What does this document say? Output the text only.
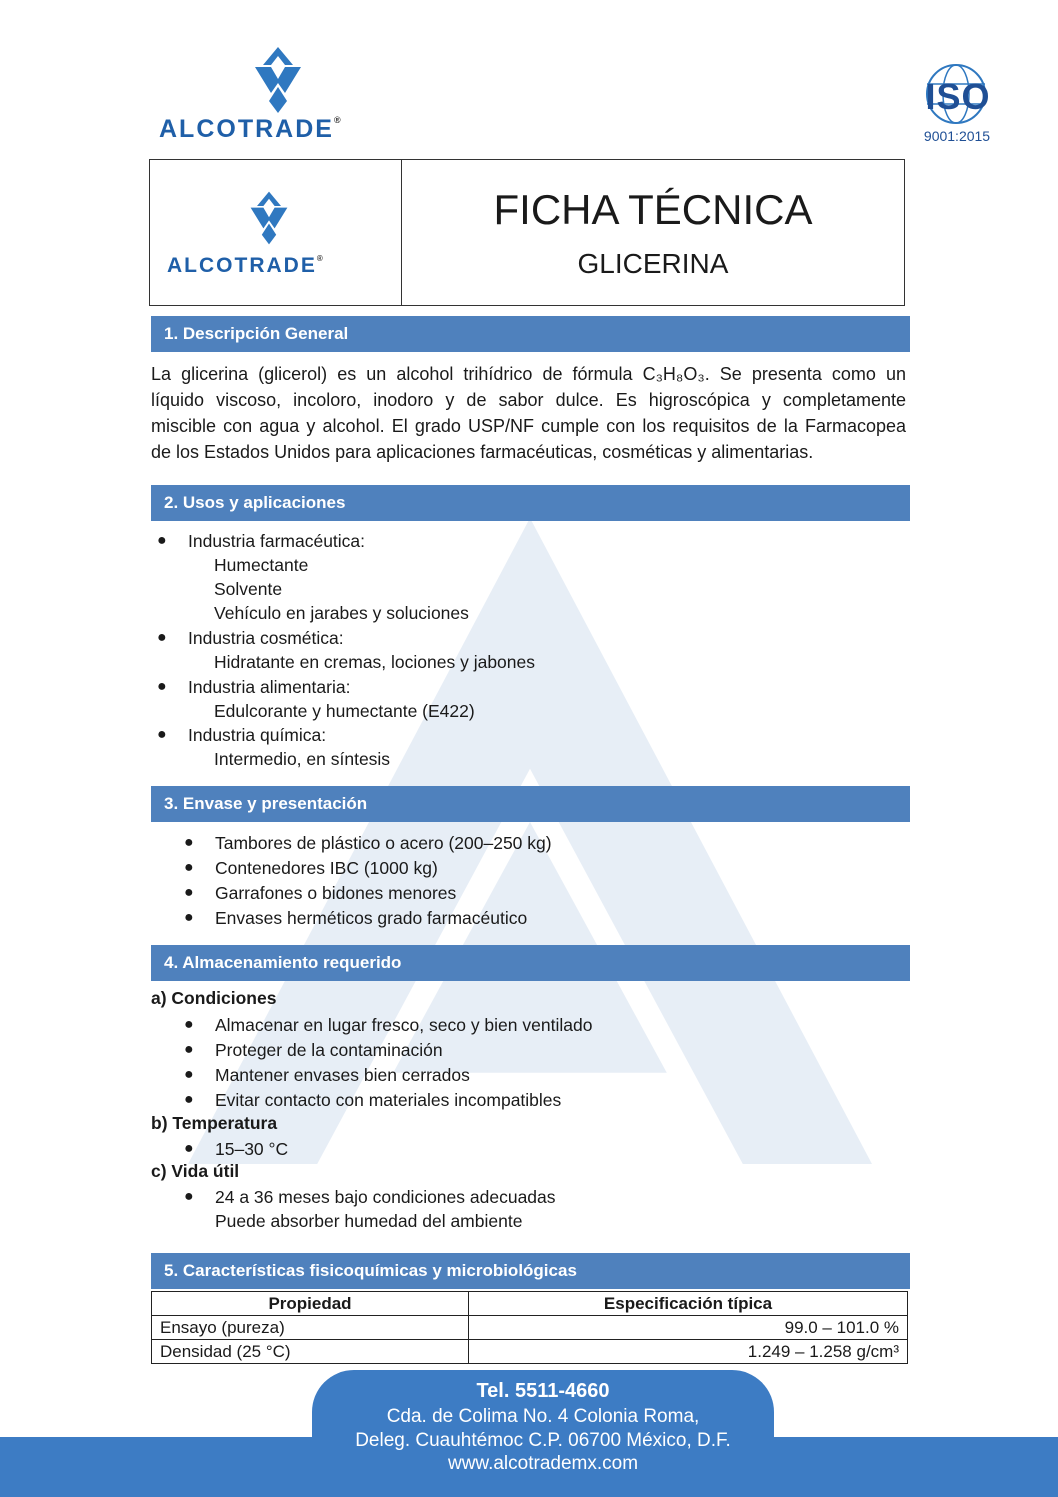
ALCOTRADE®
ISO
9001:2015
ALCOTRADE®
FICHA TÉCNICA
GLICERINA
1. Descripción General
La glicerina (glicerol) es un alcohol trihídrico de fórmula C₃H₈O₃. Se presenta como un
líquido viscoso, incoloro, inodoro y de sabor dulce. Es higroscópica y completamente
miscible con agua y alcohol. El grado USP/NF cumple con los requisitos de la Farmacopea
de los Estados Unidos para aplicaciones farmacéuticas, cosméticas y alimentarias.
2. Usos y aplicaciones
● Industria farmacéutica:
Humectante
Solvente
Vehículo en jarabes y soluciones
● Industria cosmética:
Hidratante en cremas, lociones y jabones
● Industria alimentaria:
Edulcorante y humectante (E422)
● Industria química:
Intermedio, en síntesis
3. Envase y presentación
● Tambores de plástico o acero (200–250 kg)
● Contenedores IBC (1000 kg)
● Garrafones o bidones menores
● Envases herméticos grado farmacéutico
4. Almacenamiento requerido
a) Condiciones
● Almacenar en lugar fresco, seco y bien ventilado
● Proteger de la contaminación
● Mantener envases bien cerrados
● Evitar contacto con materiales incompatibles
b) Temperatura
● 15–30 °C
c) Vida útil
● 24 a 36 meses bajo condiciones adecuadas
Puede absorber humedad del ambiente
5. Características fisicoquímicas y microbiológicas
Propiedad	Especificación típica
Ensayo (pureza)	99.0 – 101.0 %
Densidad (25 °C)	1.249 – 1.258 g/cm³
Tel. 5511-4660
Cda. de Colima No. 4 Colonia Roma,
Deleg. Cuauhtémoc C.P. 06700 México, D.F.
www.alcotrademx.com
